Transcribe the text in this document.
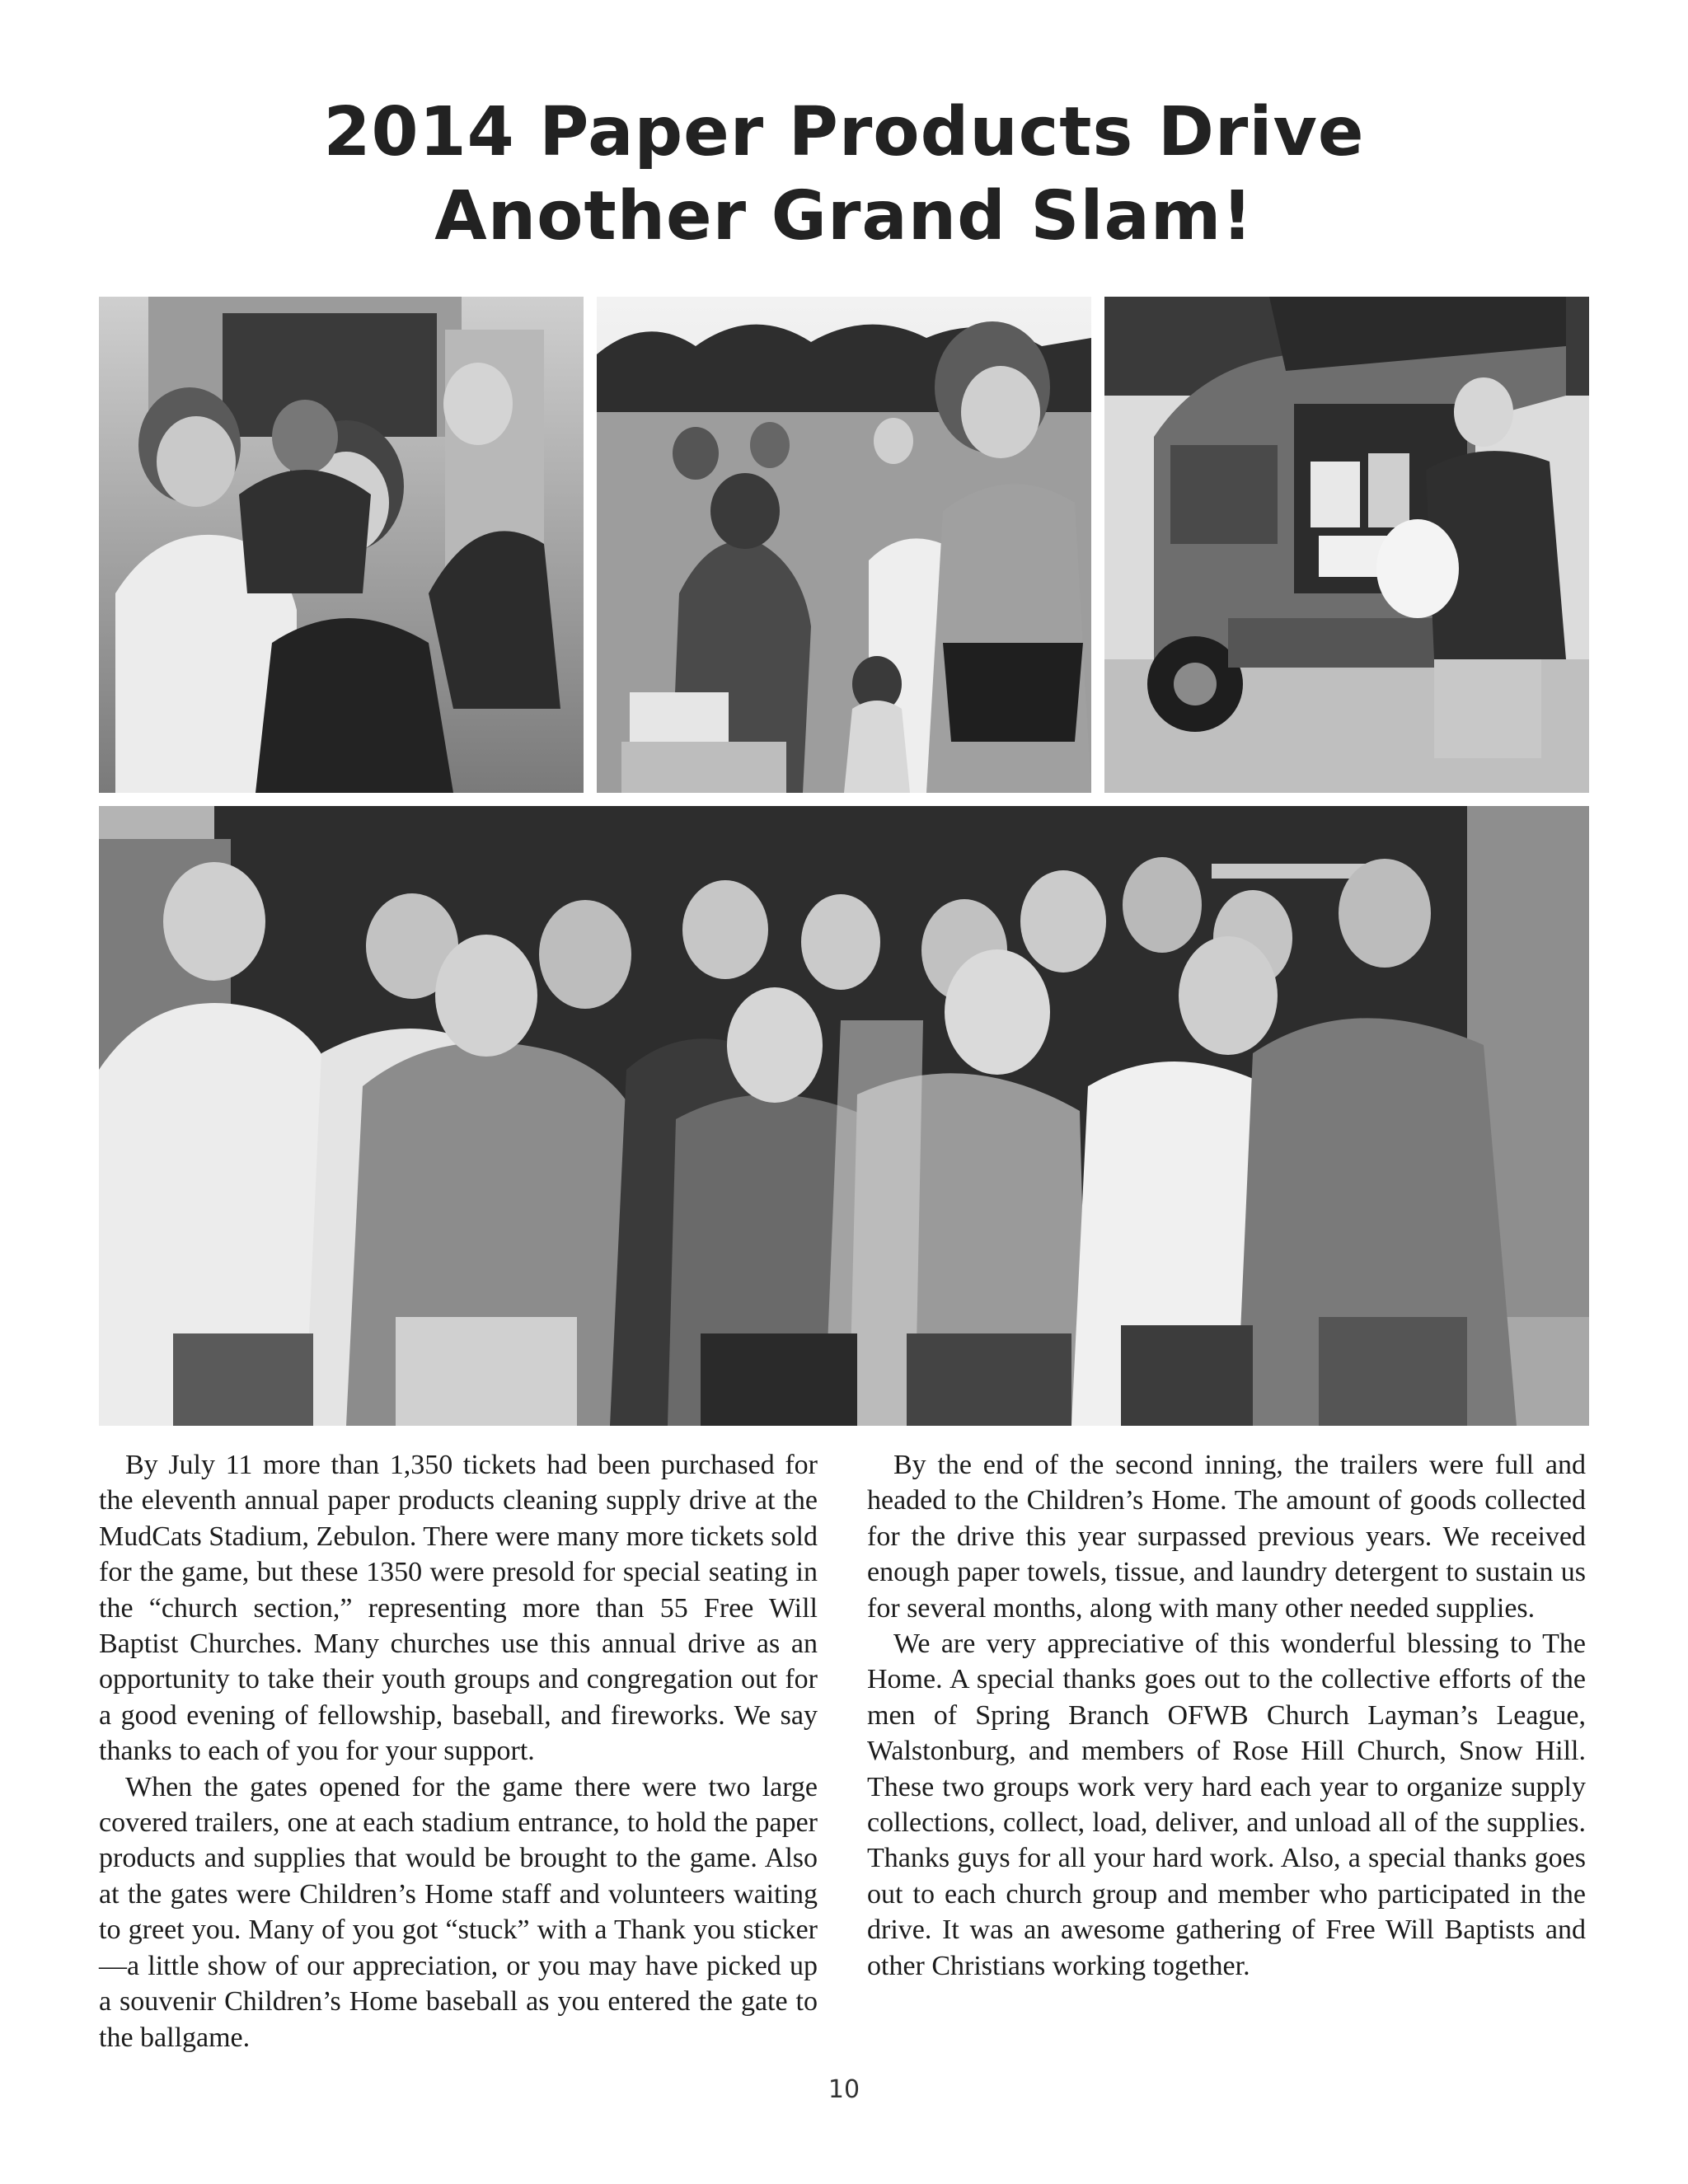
2014 Paper Products Drive
Another Grand Slam!

By July 11 more than 1,350 tickets had been purchased for the eleventh annual paper products cleaning supply drive at the MudCats Stadium, Zebulon. There were many more tickets sold for the game, but these 1350 were presold for special seating in the “church section,” representing more than 55 Free Will Baptist Churches. Many churches use this annual drive as an opportunity to take their youth groups and congregation out for a good evening of fellowship, baseball, and fireworks. We say thanks to each of you for your support.

When the gates opened for the game there were two large covered trailers, one at each stadium entrance, to hold the paper products and supplies that would be brought to the game. Also at the gates were Children’s Home staff and volunteers waiting to greet you. Many of you got “stuck” with a Thank you sticker—a little show of our appreciation, or you may have picked up a souvenir Children’s Home baseball as you entered the gate to the ballgame.

By the end of the second inning, the trailers were full and headed to the Children’s Home. The amount of goods collected for the drive this year surpassed previous years. We received enough paper towels, tissue, and laundry detergent to sustain us for several months, along with many other needed supplies.

We are very appreciative of this wonderful blessing to The Home. A special thanks goes out to the collective efforts of the men of Spring Branch OFWB Church Layman’s League, Walstonburg, and members of Rose Hill Church, Snow Hill. These two groups work very hard each year to organize supply collections, collect, load, deliver, and unload all of the supplies. Thanks guys for all your hard work. Also, a special thanks goes out to each church group and member who participated in the drive. It was an awesome gathering of Free Will Baptists and other Christians working together.

10
